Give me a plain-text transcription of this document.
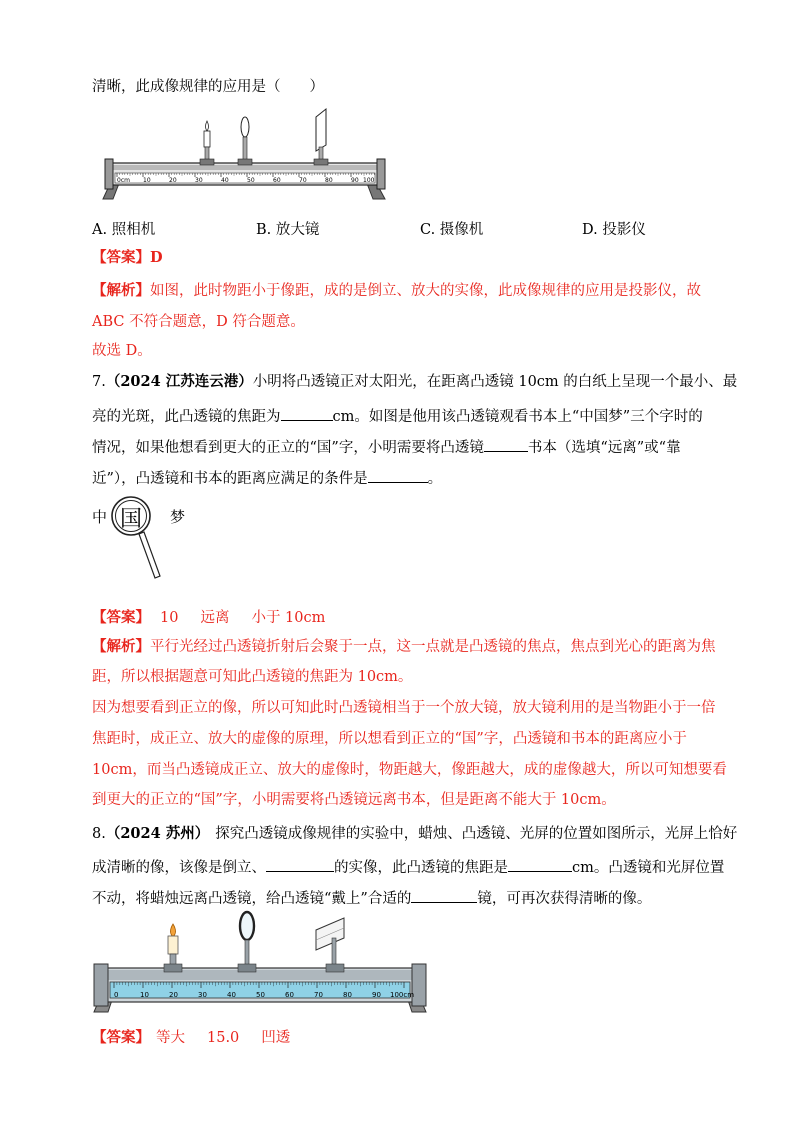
清晰，此成像规律的应用是（　　）
0cm 10	20	30	40	50	60	70	80	90 100
A. 照相机	B. 放大镜	C. 摄像机	D. 投影仪
【答案】D
【解析】如图，此时物距小于像距，成的是倒立、放大的实像，此成像规律的应用是投影仪，故
ABC 不符合题意，D 符合题意。
故选 D。
7.（2024 江苏连云港）小明将凸透镜正对太阳光，在距离凸透镜 10cm 的白纸上呈现一个最小、最
亮的光斑，此凸透镜的焦距为	cm。如图是他用该凸透镜观看书本上“中国梦”三个字时的
情况，如果他想看到更大的正立的“国”字，小明需要将凸透镜	书本（选填“远离”或“靠
近”），凸透镜和书本的距离应满足的条件是	。
中 国 梦
【答案】 10 远离 小于 10cm
【解析】平行光经过凸透镜折射后会聚于一点，这一点就是凸透镜的焦点，焦点到光心的距离为焦
距，所以根据题意可知此凸透镜的焦距为 10cm。
因为想要看到正立的像，所以可知此时凸透镜相当于一个放大镜，放大镜利用的是当物距小于一倍
焦距时，成正立、放大的虚像的原理，所以想看到正立的“国”字，凸透镜和书本的距离应小于
10cm，而当凸透镜成正立、放大的虚像时，物距越大，像距越大，成的虚像越大，所以可知想要看
到更大的正立的“国”字，小明需要将凸透镜远离书本，但是距离不能大于 10cm。
8.（2024 苏州） 探究凸透镜成像规律的实验中，蜡烛、凸透镜、光屏的位置如图所示，光屏上恰好
成清晰的像，该像是倒立、	的实像，此凸透镜的焦距是	cm。凸透镜和光屏位置
不动，将蜡烛远离凸透镜，给凸透镜“戴上”合适的	镜，可再次获得清晰的像。
0	10	20	30	40	50	60	70	80	90 100cm
【答案】 等大 15.0 凹透
